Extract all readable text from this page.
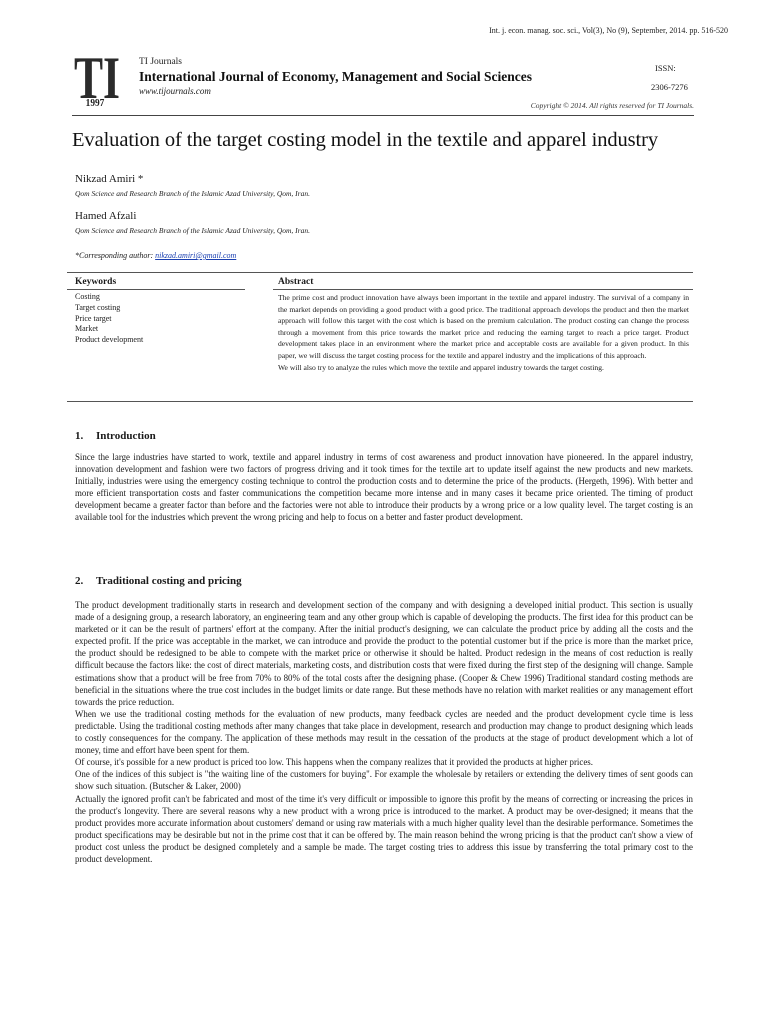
Int. j. econ. manag. soc. sci., Vol(3), No (9), September, 2014. pp. 516-520
TI
1997
TI Journals
International Journal of Economy, Management and Social Sciences
www.tijournals.com
ISSN:
2306-7276
Copyright © 2014. All rights reserved for TI Journals.
Evaluation of the target costing model in the textile and apparel industry
Nikzad Amiri *
Qom Science and Research Branch of the Islamic Azad University, Qom, Iran.
Hamed Afzali
Qom Science and Research Branch of the Islamic Azad University, Qom, Iran.
*Corresponding author: nikzad.amiri@gmail.com
Keywords	Abstract
Costing
Target costing
Price target
Market
Product development

The prime cost and product innovation have always been important in the textile and apparel industry. The survival of a company in the market depends on providing a good product with a good price. The traditional approach develops the product and then the market approach will follow this target with the cost which is based on the premium calculation. The product costing can change the process through a movement from this price towards the market price and reducing the earning target to reach a price target. Product development takes place in an environment where the market price and acceptable costs are available for a given product. In this paper, we will discuss the target costing process for the textile and apparel industry and the implications of this approach.

We will also try to analyze the rules which move the textile and apparel industry towards the target costing.

1. Introduction

Since the large industries have started to work, textile and apparel industry in terms of cost awareness and product innovation have pioneered. In the apparel industry, innovation development and fashion were two factors of progress driving and it took times for the textile art to update itself against the new products and new markets. Initially, industries were using the emergency costing technique to control the production costs and to determine the price of the products. (Hergeth, 1996). With better and more efficient transportation costs and faster communications the competition became more intense and in many cases it became price oriented. The timing of product development became a greater factor than before and the factories were not able to introduce their products by a wrong price or a low quality level. The target costing is an available tool for the industries which prevent the wrong pricing and help to focus on a better and faster product development.

2. Traditional costing and pricing

The product development traditionally starts in research and development section of the company and with designing a developed initial product. This section is usually made of a designing group, a research laboratory, an engineering team and any other group which is capable of developing the products. The first idea for this product can be marketed or it can be the result of partners' effort at the company. After the initial product's designing, we can calculate the product price by adding all the costs and the expected profit. If the price was acceptable in the market, we can introduce and provide the product to the potential customer but if the price is more than the market price, the product should be redesigned to be able to compete with the market price or otherwise it should be halted. Product redesign in the means of cost reduction is really difficult because the factors like: the cost of direct materials, marketing costs, and distribution costs that were fixed during the first step of the designing will change. Sample estimations show that a product will be free from 70% to 80% of the total costs after the designing phase. (Cooper & Chew 1996) Traditional standard costing methods are beneficial in the situations where the true cost includes in the budget limits or date range. But these methods have no relation with market realities or any management effort towards the price reduction.

When we use the traditional costing methods for the evaluation of new products, many feedback cycles are needed and the product development cycle time is less predictable. Using the traditional costing methods after many changes that take place in development, research and production may change to product designing which leads to costly consequences for the company. The application of these methods may result in the cessation of the products at the stage of product development which a lot of money, time and effort have been spent for them.

Of course, it's possible for a new product is priced too low. This happens when the company realizes that it provided the products at higher prices.

One of the indices of this subject is "the waiting line of the customers for buying". For example the wholesale by retailers or extending the delivery times of sent goods can show such situation. (Butscher & Laker, 2000)

Actually the ignored profit can't be fabricated and most of the time it's very difficult or impossible to ignore this profit by the means of correcting or increasing the prices in the product's longevity. There are several reasons why a new product with a wrong price is introduced to the market. A product may be over-designed; it means that the product provides more accurate information about customers' demand or using raw materials with a much higher quality level than the desirable performance. Sometimes the product specifications may be desirable but not in the prime cost that it can be offered by. The main reason behind the wrong pricing is that the product can't show a view of product cost unless the product be designed completely and a sample be made. The target costing tries to address this issue by transferring the total primary cost to the product development.
